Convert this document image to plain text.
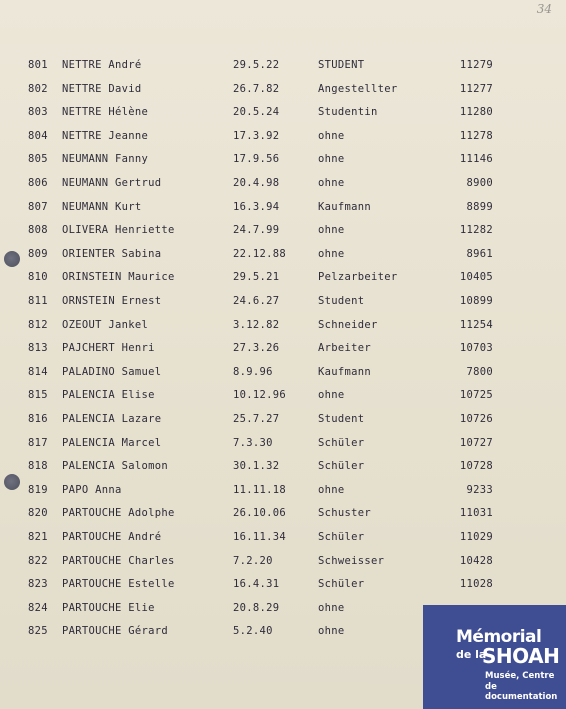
34
801 NETTRE André	29.5.22	STUDENT	11279
802 NETTRE David	26.7.82	Angestellter	11277
803 NETTRE Hélène	20.5.24	Studentin	11280
804 NETTRE Jeanne	17.3.92	ohne	11278
805 NEUMANN Fanny	17.9.56	ohne	11146
806 NEUMANN Gertrud	20.4.98	ohne	8900
807 NEUMANN Kurt	16.3.94	Kaufmann	8899
808 OLIVERA Henriette	24.7.99	ohne	11282
809 ORIENTER Sabina	22.12.88	ohne	8961
810 ORINSTEIN Maurice	29.5.21	Pelzarbeiter	10405
811 ORNSTEIN Ernest	24.6.27	Student	10899
812 OZEOUT Jankel	3.12.82	Schneider	11254
813 PAJCHERT Henri	27.3.26	Arbeiter	10703
814 PALADINO Samuel	8.9.96	Kaufmann	7800
815 PALENCIA Elise	10.12.96	ohne	10725
816 PALENCIA Lazare	25.7.27	Student	10726
817 PALENCIA Marcel	7.3.30	Schüler	10727
818 PALENCIA Salomon	30.1.32	Schüler	10728
819 PAPO Anna	11.11.18	ohne	9233
820 PARTOUCHE Adolphe	26.10.06	Schuster	11031
821 PARTOUCHE André	16.11.34	Schüler	11029
822 PARTOUCHE Charles	7.2.20	Schweisser	10428
823 PARTOUCHE Estelle	16.4.31	Schüler	11028
824 PARTOUCHE Elie	20.8.29	ohne
825 PARTOUCHE Gérard	5.2.40	ohne	Mémorial
de la
SHOAH
Musée, Centre
de documentation
